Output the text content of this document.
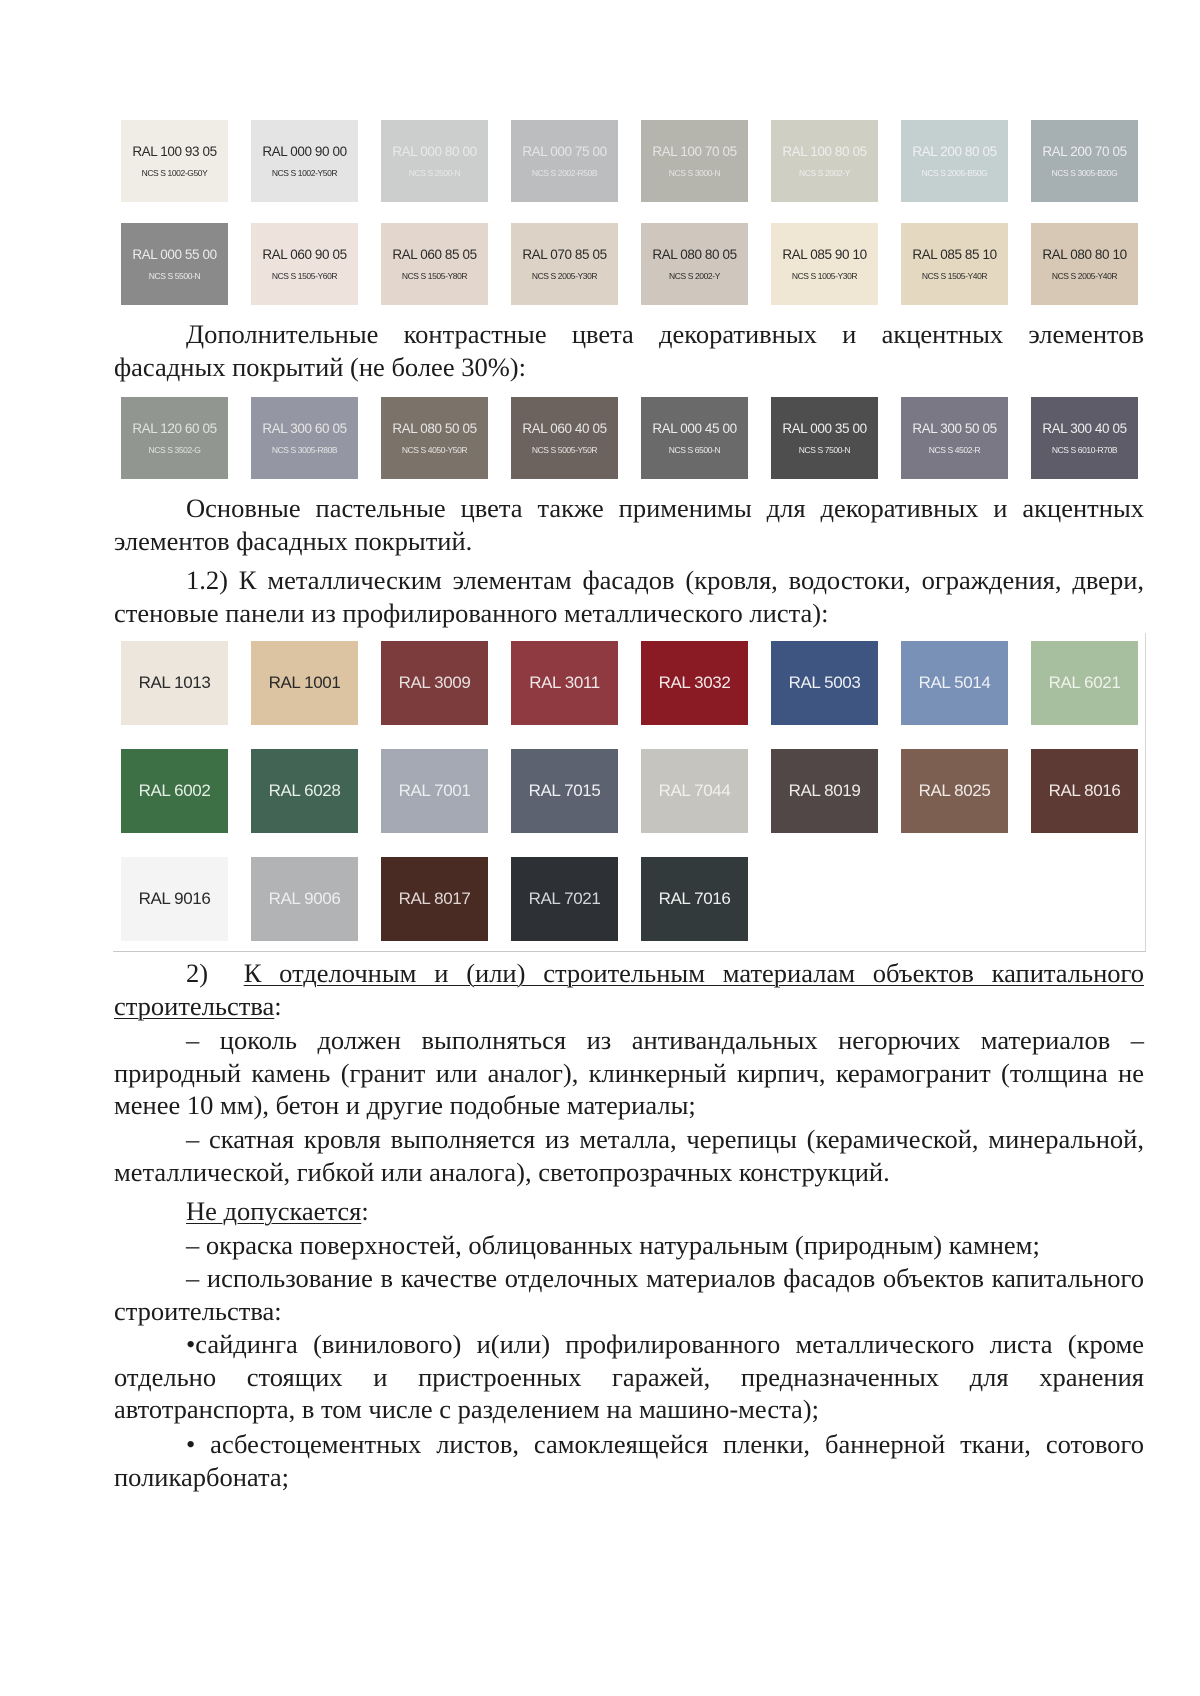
RAL 100 93 05
NCS S 1002-G50Y
RAL 000 90 00
NCS S 1002-Y50R
RAL 000 80 00
NCS S 2500-N
RAL 000 75 00
NCS S 2002-R50B
RAL 100 70 05
NCS S 3000-N
RAL 100 80 05
NCS S 2002-Y
RAL 200 80 05
NCS S 2005-B50G
RAL 200 70 05
NCS S 3005-B20G
RAL 000 55 00
NCS S 5500-N
RAL 060 90 05
NCS S 1505-Y60R
RAL 060 85 05
NCS S 1505-Y80R
RAL 070 85 05
NCS S 2005-Y30R
RAL 080 80 05
NCS S 2002-Y
RAL 085 90 10
NCS S 1005-Y30R
RAL 085 85 10
NCS S 1505-Y40R
RAL 080 80 10
NCS S 2005-Y40R

Дополнительные контрастные цвета декоративных и акцентных элементов фасадных покрытий (не более 30%):

RAL 120 60 05
NCS S 3502-G
RAL 300 60 05
NCS S 3005-R80B
RAL 080 50 05
NCS S 4050-Y50R
RAL 060 40 05
NCS S 5005-Y50R
RAL 000 45 00
NCS S 6500-N
RAL 000 35 00
NCS S 7500-N
RAL 300 50 05
NCS S 4502-R
RAL 300 40 05
NCS S 6010-R70B

Основные пастельные цвета также применимы для декоративных и акцентных элементов фасадных покрытий.

1.2) К металлическим элементам фасадов (кровля, водостоки, ограждения, двери, стеновые панели из профилированного металлического листа):

RAL 1013	RAL 1001	RAL 3009	RAL 3011	RAL 3032	RAL 5003	RAL 5014	RAL 6021
RAL 6002	RAL 6028	RAL 7001	RAL 7015	RAL 7044	RAL 8019	RAL 8025	RAL 8016
RAL 9016	RAL 9006	RAL 8017	RAL 7021	RAL 7016

2) К отделочным и (или) строительным материалам объектов капитального строительства:

– цоколь должен выполняться из антивандальных негорючих материалов – природный камень (гранит или аналог), клинкерный кирпич, керамогранит (толщина не менее 10 мм), бетон и другие подобные материалы;

– скатная кровля выполняется из металла, черепицы (керамической, минеральной, металлической, гибкой или аналога), светопрозрачных конструкций.

Не допускается:

– окраска поверхностей, облицованных натуральным (природным) камнем;

– использование в качестве отделочных материалов фасадов объектов капитального строительства:

•сайдинга (винилового) и(или) профилированного металлического листа (кроме отдельно стоящих и пристроенных гаражей, предназначенных для хранения автотранспорта, в том числе с разделением на машино-места);

• асбестоцементных листов, самоклеящейся пленки, баннерной ткани, сотового поликарбоната;
